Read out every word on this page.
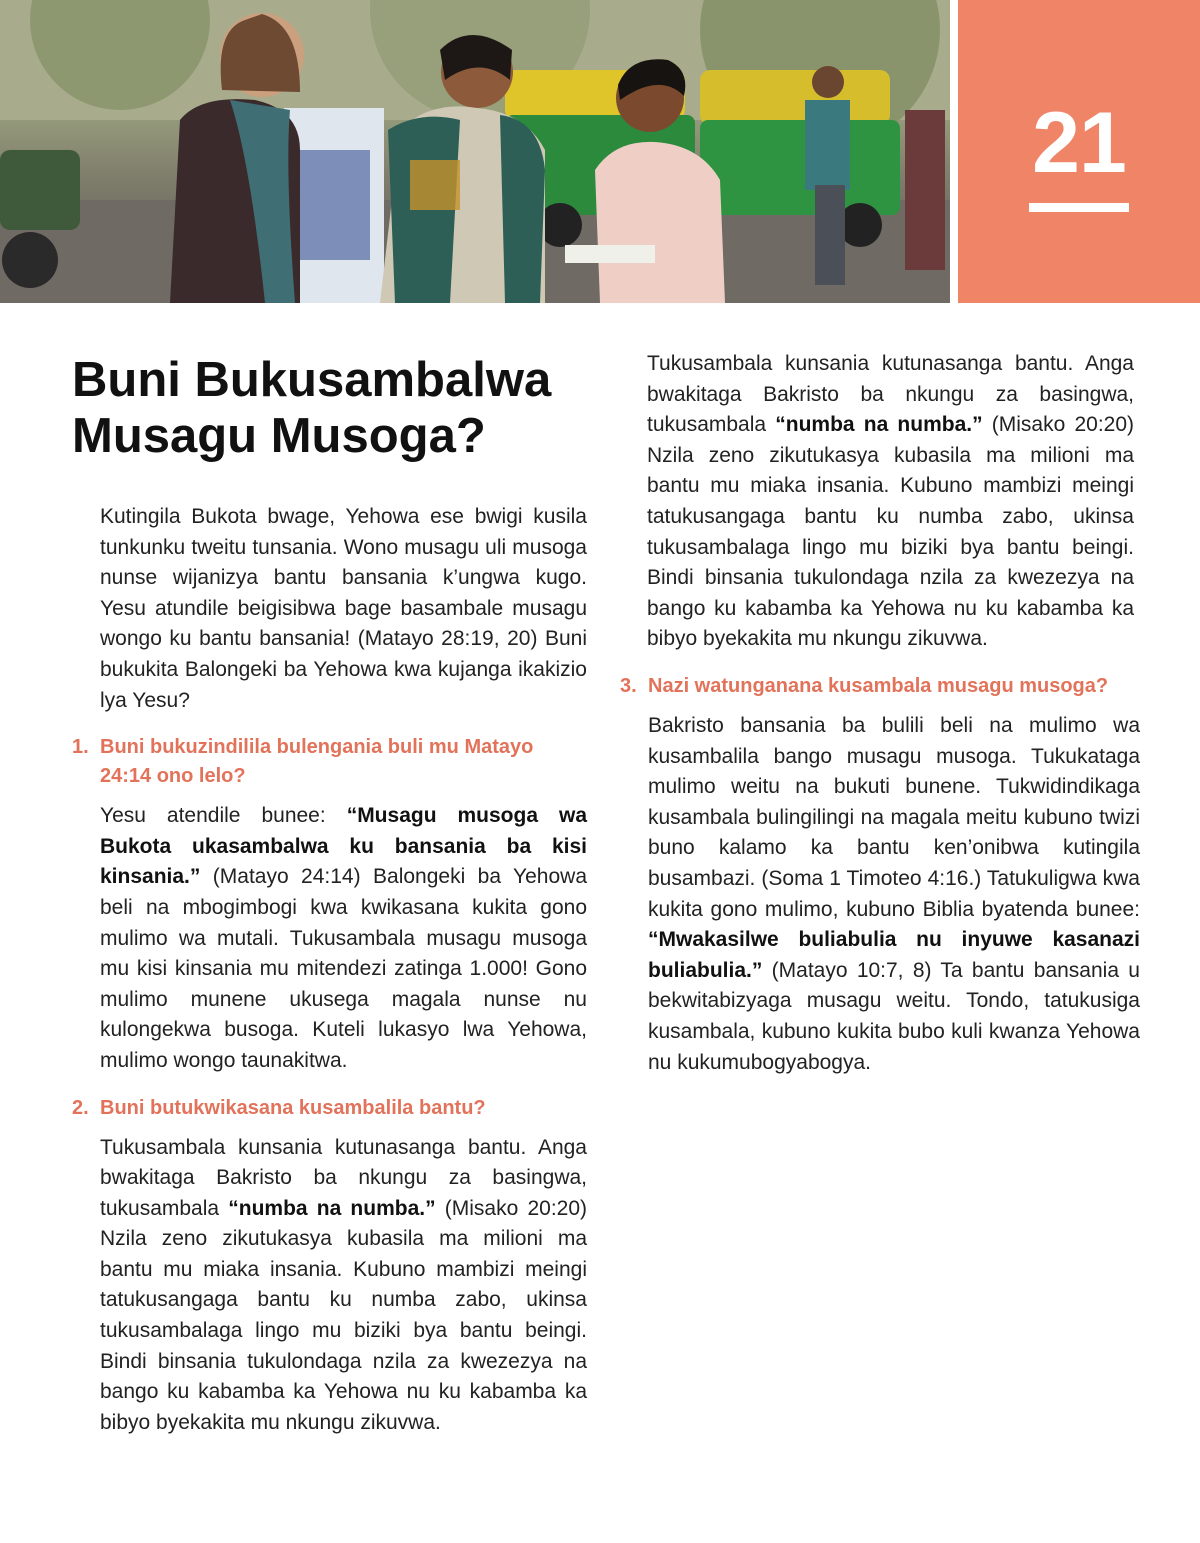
21
Buni Bukusambalwa Musagu Musoga?

Kutingila Bukota bwage, Yehowa ese bwigi kusila tunkunku tweitu tunsania. Wono musagu uli musoga nunse wijanizya bantu bansania k’ungwa kugo. Yesu atundile beigisibwa bage basambale musagu wongo ku bantu bansania! (Matayo 28:19, 20) Buni bukukita Balongeki ba Yehowa kwa kujanga ikakizio lya Yesu?

1. Buni bukuzindilila bulengania buli mu Matayo 24:14 ono lelo?

Yesu atendile bunee: “Musagu musoga wa Bukota ukasambalwa ku bansania ba kisi kinsania.” (Matayo 24:14) Balongeki ba Yehowa beli na mbogimbogi kwa kwikasana kukita gono mulimo wa mutali. Tukusambala musagu musoga mu kisi kinsania mu mitendezi zatinga 1.000! Gono mulimo munene ukusega magala nunse nu kulongekwa busoga. Kuteli lukasyo lwa Yehowa, mulimo wongo taunakitwa.

2. Buni butukwikasana kusambalila bantu?

Tukusambala kunsania kutunasanga bantu. Anga bwakitaga Bakristo ba nkungu za basingwa, tukusambala “numba na numba.” (Misako 20:20) Nzila zeno zikutukasya kubasila ma milioni ma bantu mu miaka insania. Kubuno mambizi meingi tatukusangaga bantu ku numba zabo, ukinsa tukusambalaga lingo mu biziki bya bantu beingi. Bindi binsania tukulondaga nzila za kwezezya na bango ku kabamba ka Yehowa nu ku kabamba ka bibyo byekakita mu nkungu zikuvwa.

Tukusambala kunsania kutunasanga bantu. Anga bwakitaga Bakristo ba nkungu za basingwa, tukusambala “numba na numba.” (Misako 20:20) Nzila zeno zikutukasya kubasila ma milioni ma bantu mu miaka insania. Kubuno mambizi meingi tatukusangaga bantu ku numba zabo, ukinsa tukusambalaga lingo mu biziki bya bantu beingi. Bindi binsania tukulondaga nzila za kwezezya na bango ku kabamba ka Yehowa nu ku kabamba ka bibyo byekakita mu nkungu zikuvwa.

3. Nazi watunganana kusambala musagu musoga?

Bakristo bansania ba bulili beli na mulimo wa kusambalila bango musagu musoga. Tukukataga mulimo weitu na bukuti bunene. Tukwidindikaga kusambala bulingilingi na magala meitu kubuno twizi buno kalamo ka bantu ken’onibwa kutingila busambazi. (Soma 1 Timoteo 4:16.) Tatukuligwa kwa kukita gono mulimo, kubuno Biblia byatenda bunee: “Mwakasilwe buliabulia nu inyuwe kasanazi buliabulia.” (Matayo 10:7, 8) Ta bantu bansania u bekwitabizyaga musagu weitu. Tondo, tatukusiga kusambala, kubuno kukita bubo kuli kwanza Yehowa nu kukumubogyabogya.
